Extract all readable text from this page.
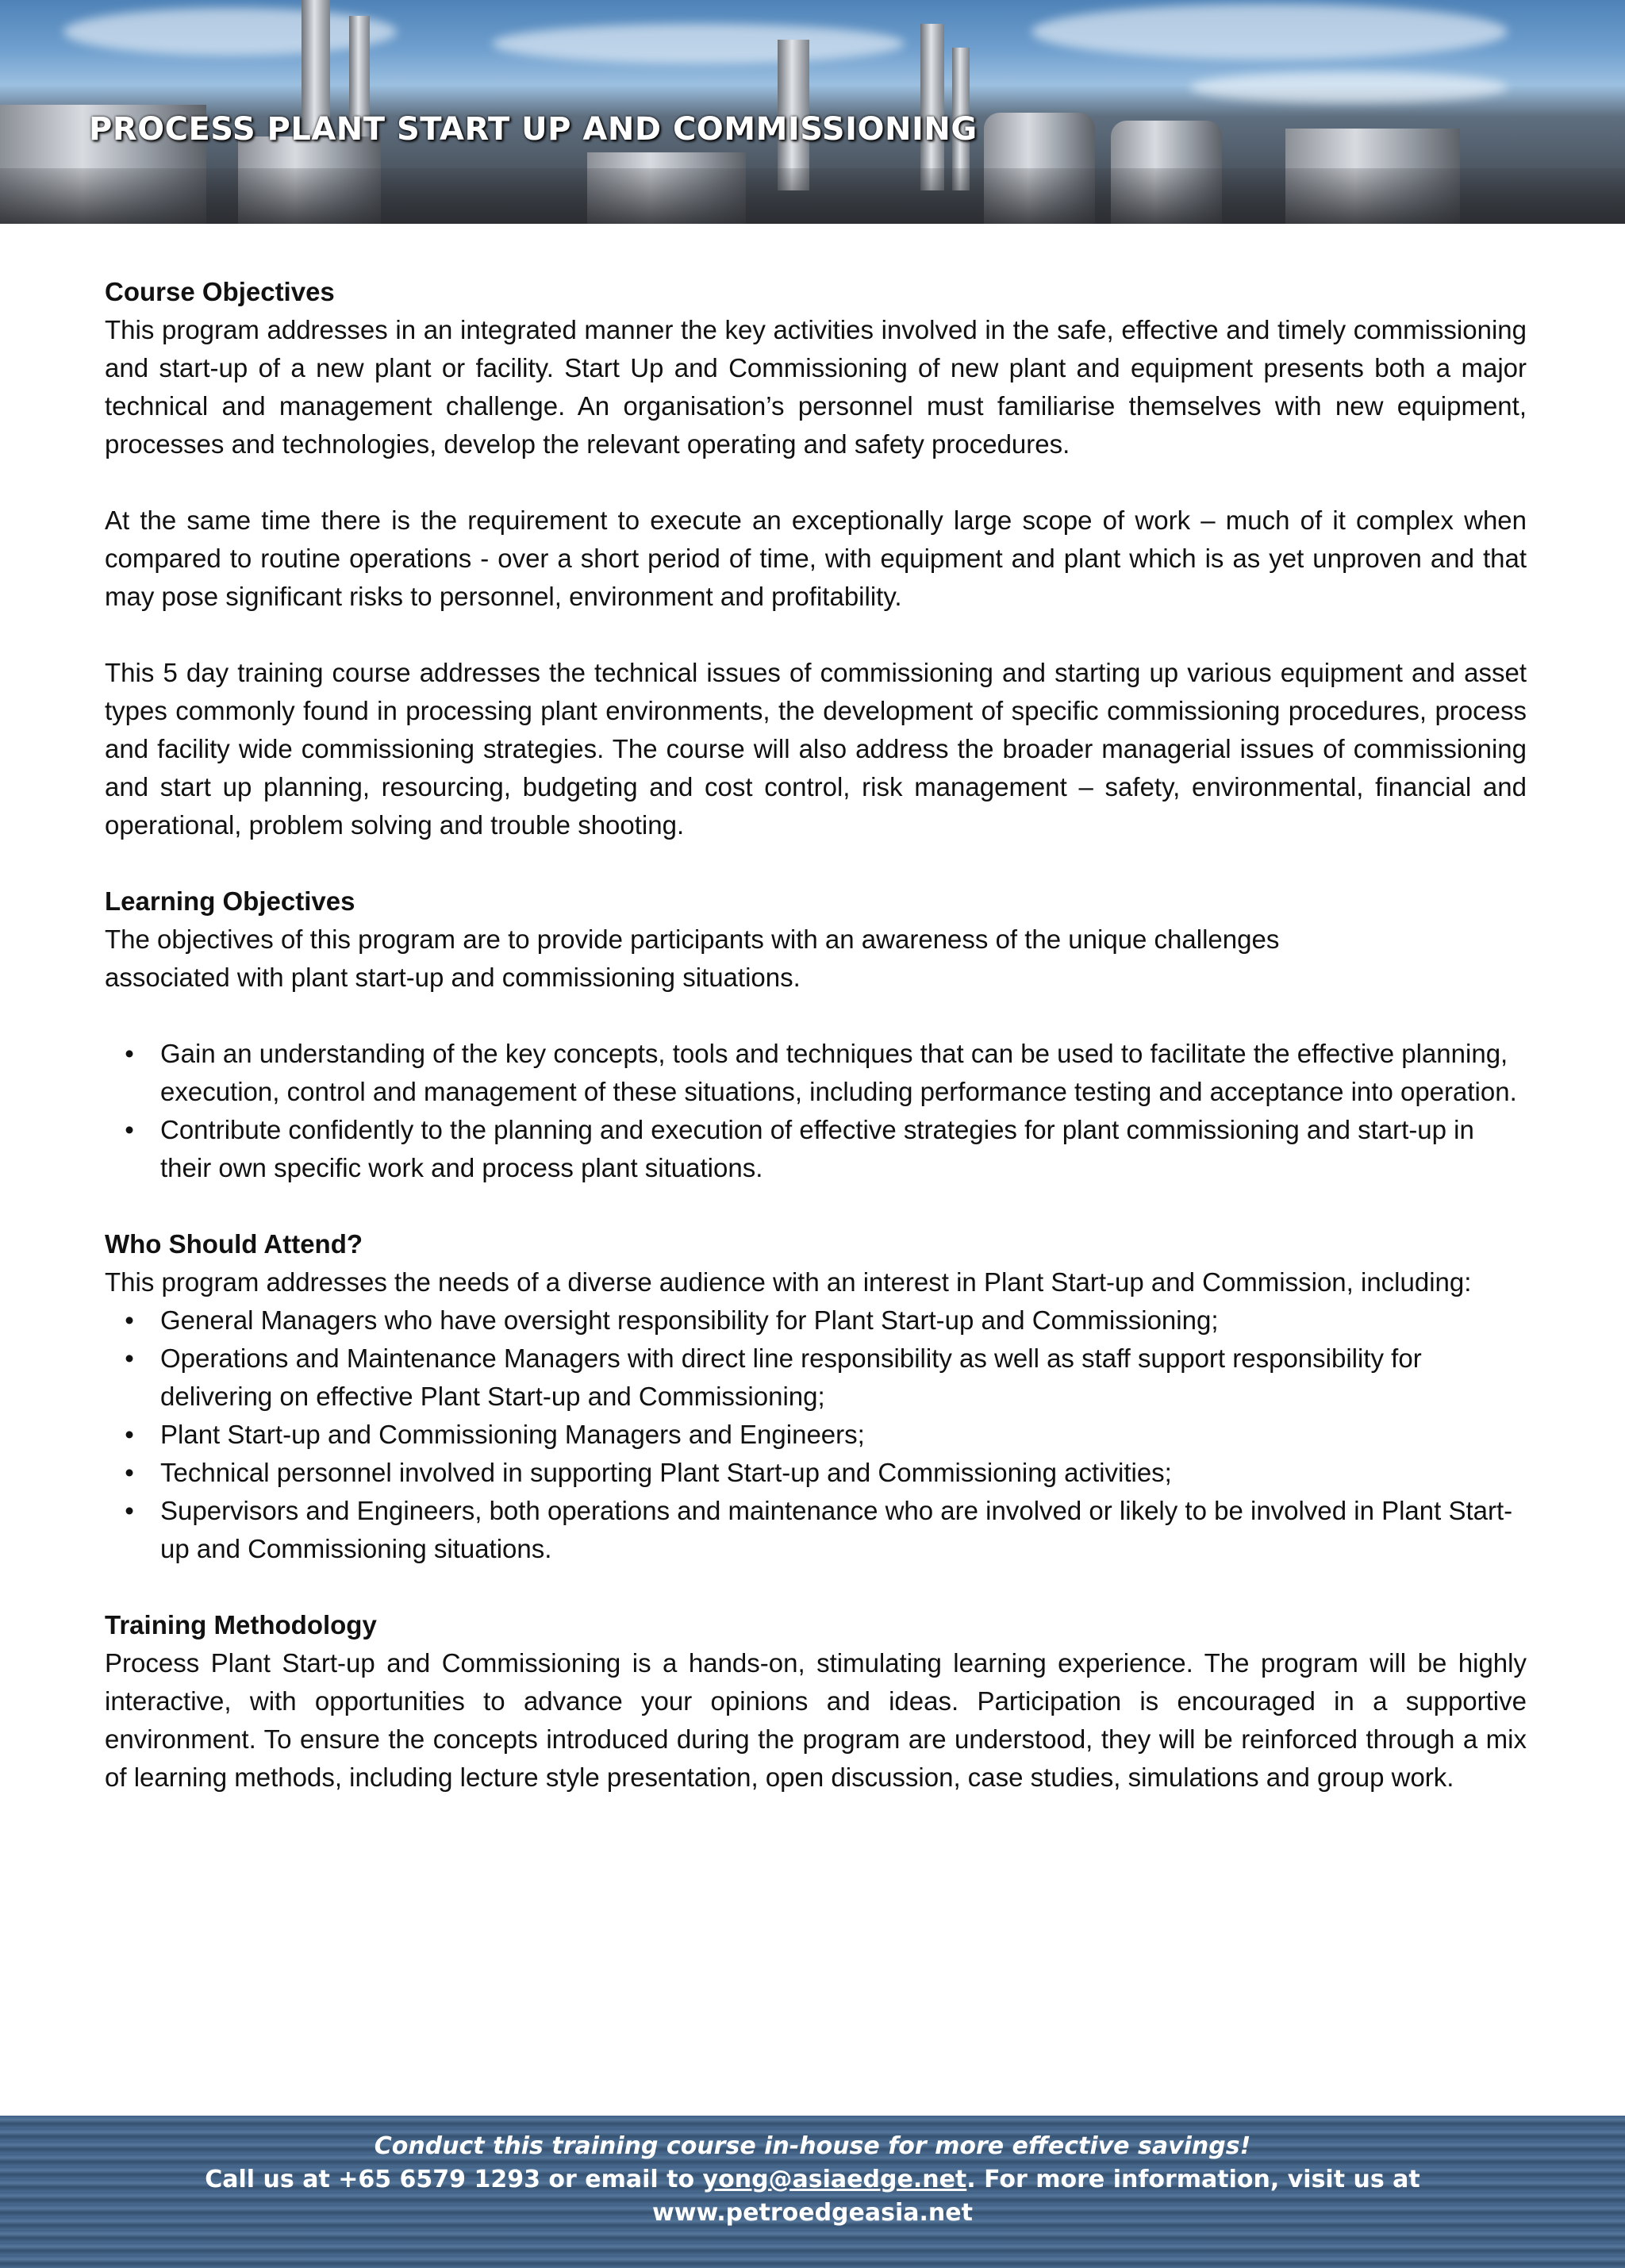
PROCESS PLANT START UP AND COMMISSIONING
Course Objectives

This program addresses in an integrated manner the key activities involved in the safe, effective and timely commissioning and start-up of a new plant or facility. Start Up and Commissioning of new plant and equipment presents both a major technical and management challenge. An organisation’s personnel must familiarise themselves with new equipment, processes and technologies, develop the relevant operating and safety procedures.

At the same time there is the requirement to execute an exceptionally large scope of work – much of it complex when compared to routine operations - over a short period of time, with equipment and plant which is as yet unproven and that may pose significant risks to personnel, environment and profitability.

This 5 day training course addresses the technical issues of commissioning and starting up various equipment and asset types commonly found in processing plant environments, the development of specific commissioning procedures, process and facility wide commissioning strategies. The course will also address the broader managerial issues of commissioning and start up planning, resourcing, budgeting and cost control, risk management – safety, environmental, financial and operational, problem solving and trouble shooting.

Learning Objectives

The objectives of this program are to provide participants with an awareness of the unique challenges associated with plant start-up and commissioning situations.

• Gain an understanding of the key concepts, tools and techniques that can be used to facilitate the effective planning, execution, control and management of these situations, including performance testing and acceptance into operation.
• Contribute confidently to the planning and execution of effective strategies for plant commissioning and start-up in their own specific work and process plant situations.
Who Should Attend?

This program addresses the needs of a diverse audience with an interest in Plant Start-up and Commission, including:

• General Managers who have oversight responsibility for Plant Start-up and Commissioning;
• Operations and Maintenance Managers with direct line responsibility as well as staff support responsibility for delivering on effective Plant Start-up and Commissioning;
• Plant Start-up and Commissioning Managers and Engineers;
• Technical personnel involved in supporting Plant Start-up and Commissioning activities;
• Supervisors and Engineers, both operations and maintenance who are involved or likely to be involved in Plant Start-up and Commissioning situations.
Training Methodology

Process Plant Start-up and Commissioning is a hands-on, stimulating learning experience. The program will be highly interactive, with opportunities to advance your opinions and ideas. Participation is encouraged in a supportive environment. To ensure the concepts introduced during the program are understood, they will be reinforced through a mix of learning methods, including lecture style presentation, open discussion, case studies, simulations and group work.

Conduct this training course in-house for more effective savings!
Call us at +65 6579 1293 or email to yong@asiaedge.net. For more information, visit us at
www.petroedgeasia.net
